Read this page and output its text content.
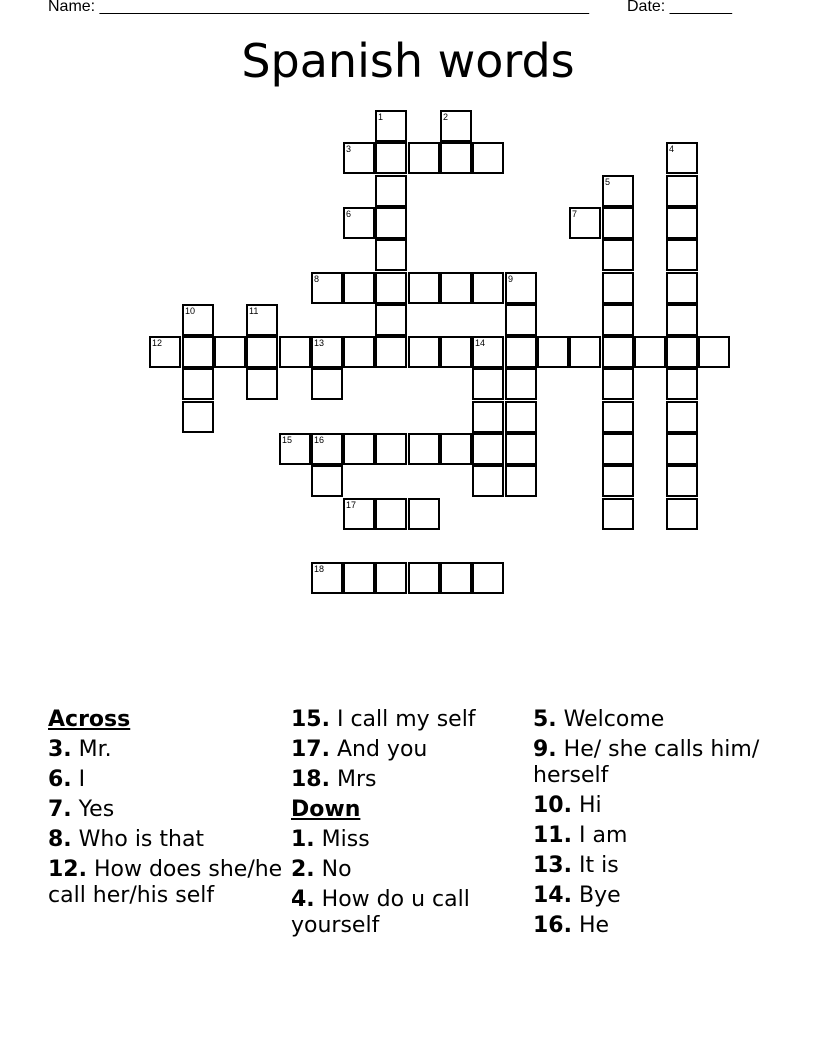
Name: _______________________________________________________ Date: _______
Spanish words
1	2
3	4
5
6	7
8	9
10	11
12	13	14
15 16
17
18
Across
3. Mr.
6. I
7. Yes
8. Who is that
12. How does she/he call her/his self
15. I call my self
17. And you
18. Mrs
Down
1. Miss
2. No
4. How do u call yourself
5. Welcome
9. He/ she calls him/ herself
10. Hi
11. I am
13. It is
14. Bye
16. He
